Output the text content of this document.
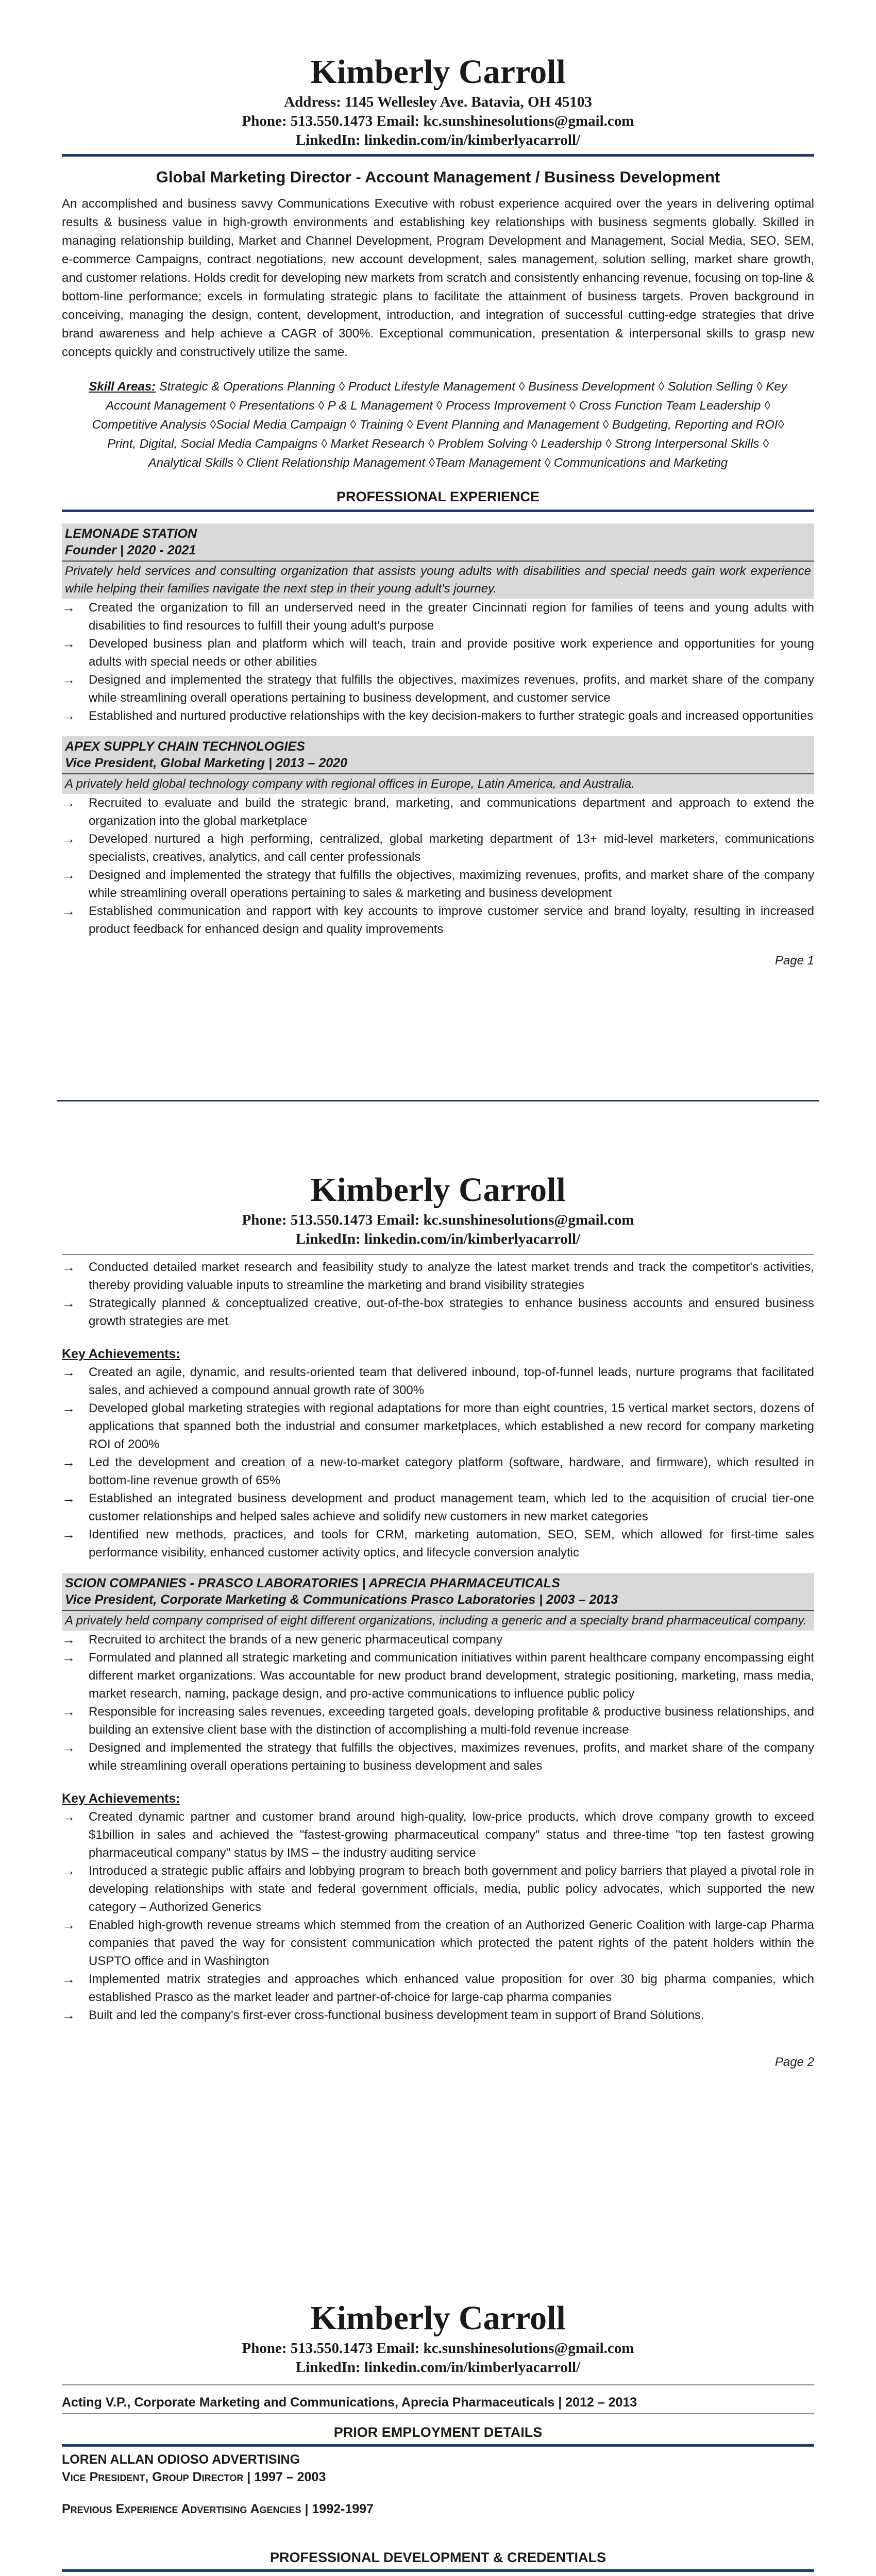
Kimberly Carroll
Address: 1145 Wellesley Ave. Batavia, OH 45103
Phone: 513.550.1473 Email: kc.sunshinesolutions@gmail.com
LinkedIn: linkedin.com/in/kimberlyacarroll/
Global Marketing Director - Account Management / Business Development
An accomplished and business savvy Communications Executive with robust experience acquired over the years in delivering optimal results & business value in high-growth environments and establishing key relationships with business segments globally. Skilled in managing relationship building, Market and Channel Development, Program Development and Management, Social Media, SEO, SEM, e-commerce Campaigns, contract negotiations, new account development, sales management, solution selling, market share growth, and customer relations. Holds credit for developing new markets from scratch and consistently enhancing revenue, focusing on top-line & bottom-line performance; excels in formulating strategic plans to facilitate the attainment of business targets. Proven background in conceiving, managing the design, content, development, introduction, and integration of successful cutting-edge strategies that drive brand awareness and help achieve a CAGR of 300%. Exceptional communication, presentation & interpersonal skills to grasp new concepts quickly and constructively utilize the same.
Skill Areas: Strategic & Operations Planning ◊ Product Lifestyle Management ◊ Business Development ◊ Solution Selling ◊ Key Account Management ◊ Presentations ◊ P & L Management ◊ Process Improvement ◊ Cross Function Team Leadership ◊ Competitive Analysis ◊Social Media Campaign ◊ Training ◊ Event Planning and Management ◊ Budgeting, Reporting and ROI◊ Print, Digital, Social Media Campaigns ◊ Market Research ◊ Problem Solving ◊ Leadership ◊ Strong Interpersonal Skills ◊ Analytical Skills ◊ Client Relationship Management ◊Team Management ◊ Communications and Marketing
PROFESSIONAL EXPERIENCE
LEMONADE STATION
Founder | 2020 - 2021
Privately held services and consulting organization that assists young adults with disabilities and special needs gain work experience while helping their families navigate the next step in their young adult's journey.
→ Created the organization to fill an underserved need in the greater Cincinnati region for families of teens and young adults with disabilities to find resources to fulfill their young adult's purpose
→ Developed business plan and platform which will teach, train and provide positive work experience and opportunities for young adults with special needs or other abilities
→ Designed and implemented the strategy that fulfills the objectives, maximizes revenues, profits, and market share of the company while streamlining overall operations pertaining to business development, and customer service
→ Established and nurtured productive relationships with the key decision-makers to further strategic goals and increased opportunities
APEX SUPPLY CHAIN TECHNOLOGIES
Vice President, Global Marketing | 2013 – 2020
A privately held global technology company with regional offices in Europe, Latin America, and Australia.
→ Recruited to evaluate and build the strategic brand, marketing, and communications department and approach to extend the organization into the global marketplace
→ Developed nurtured a high performing, centralized, global marketing department of 13+ mid-level marketers, communications specialists, creatives, analytics, and call center professionals
→ Designed and implemented the strategy that fulfills the objectives, maximizing revenues, profits, and market share of the company while streamlining overall operations pertaining to sales & marketing and business development
→ Established communication and rapport with key accounts to improve customer service and brand loyalty, resulting in increased product feedback for enhanced design and quality improvements
Page 1
Kimberly Carroll
Phone: 513.550.1473 Email: kc.sunshinesolutions@gmail.com
LinkedIn: linkedin.com/in/kimberlyacarroll/
→ Conducted detailed market research and feasibility study to analyze the latest market trends and track the competitor's activities, thereby providing valuable inputs to streamline the marketing and brand visibility strategies
→ Strategically planned & conceptualized creative, out-of-the-box strategies to enhance business accounts and ensured business growth strategies are met
Key Achievements:
→ Created an agile, dynamic, and results-oriented team that delivered inbound, top-of-funnel leads, nurture programs that facilitated sales, and achieved a compound annual growth rate of 300%
→ Developed global marketing strategies with regional adaptations for more than eight countries, 15 vertical market sectors, dozens of applications that spanned both the industrial and consumer marketplaces, which established a new record for company marketing ROI of 200%
→ Led the development and creation of a new-to-market category platform (software, hardware, and firmware), which resulted in bottom-line revenue growth of 65%
→ Established an integrated business development and product management team, which led to the acquisition of crucial tier-one customer relationships and helped sales achieve and solidify new customers in new market categories
→ Identified new methods, practices, and tools for CRM, marketing automation, SEO, SEM, which allowed for first-time sales performance visibility, enhanced customer activity optics, and lifecycle conversion analytic
SCION COMPANIES - PRASCO LABORATORIES | APRECIA PHARMACEUTICALS
Vice President, Corporate Marketing & Communications Prasco Laboratories | 2003 – 2013
A privately held company comprised of eight different organizations, including a generic and a specialty brand pharmaceutical company.
→ Recruited to architect the brands of a new generic pharmaceutical company
→ Formulated and planned all strategic marketing and communication initiatives within parent healthcare company encompassing eight different market organizations. Was accountable for new product brand development, strategic positioning, marketing, mass media, market research, naming, package design, and pro-active communications to influence public policy
→ Responsible for increasing sales revenues, exceeding targeted goals, developing profitable & productive business relationships, and building an extensive client base with the distinction of accomplishing a multi-fold revenue increase
→ Designed and implemented the strategy that fulfills the objectives, maximizes revenues, profits, and market share of the company while streamlining overall operations pertaining to business development and sales
Key Achievements:
→ Created dynamic partner and customer brand around high-quality, low-price products, which drove company growth to exceed $1billion in sales and achieved the "fastest-growing pharmaceutical company" status and three-time "top ten fastest growing pharmaceutical company" status by IMS – the industry auditing service
→ Introduced a strategic public affairs and lobbying program to breach both government and policy barriers that played a pivotal role in developing relationships with state and federal government officials, media, public policy advocates, which supported the new category – Authorized Generics
→ Enabled high-growth revenue streams which stemmed from the creation of an Authorized Generic Coalition with large-cap Pharma companies that paved the way for consistent communication which protected the patent rights of the patent holders within the USPTO office and in Washington
→ Implemented matrix strategies and approaches which enhanced value proposition for over 30 big pharma companies, which established Prasco as the market leader and partner-of-choice for large-cap pharma companies
→ Built and led the company's first-ever cross-functional business development team in support of Brand Solutions.
Page 2
Kimberly Carroll
Phone: 513.550.1473 Email: kc.sunshinesolutions@gmail.com
LinkedIn: linkedin.com/in/kimberlyacarroll/
Acting V.P., Corporate Marketing and Communications, Aprecia Pharmaceuticals | 2012 – 2013
PRIOR EMPLOYMENT DETAILS
LOREN ALLAN ODIOSO ADVERTISING
Vice President, Group Director | 1997 – 2003
Previous Experience Advertising Agencies | 1992-1997
PROFESSIONAL DEVELOPMENT & CREDENTIALS
